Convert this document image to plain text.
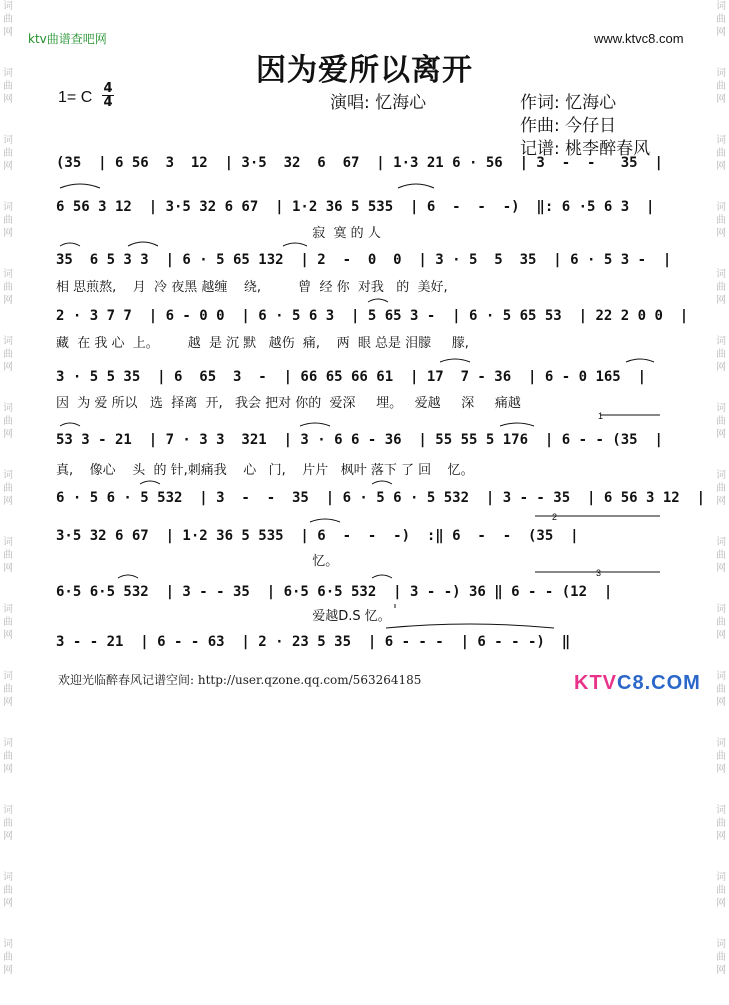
词
曲
网
词
曲
网
词
曲
网
词
曲
网
词
曲
网
词
曲
网
词
曲
网
词
曲
网
词
曲
网
词
曲
网
词
曲
网
词
曲
网
词
曲
网
词
曲
网
词
曲
网
词
曲
网
词
曲
网
词
曲
网
词
曲
网
词
曲
网
词
曲
网
词
曲
网
词
曲
网
词
曲
网
词
曲
网
词
曲
网
词
曲
网
词
曲
网
词
曲
网
词
曲
网
ktv曲谱查吧网	www.ktvc8.com
因为爱所以离开
1= C
4
4	演唱: 忆海心	作词: 忆海心
作曲: 今仔日
记谱: 桃李醉春风
(35  | 6 56  3  12  | 3·5  32  6  67  | 1·3 21 6 · 56  | 3  -  -   35  |
6 56 3 12  | 3·5 32 6 67  | 1·2 36 5 535  | 6  -  -  -)  ‖: 6 ·5 6 3  |
寂  寞 的 人
35  6 5 3 3  | 6 · 5 65 132  | 2  -  0  0  | 3 · 5  5  35  | 6 · 5 3 -  |
相 思煎熬,    月  冷 夜黑 越缠    绕,         曾  经 你  对我   的  美好,
2 · 3 7 7  | 6 - 0 0  | 6 · 5 6 3  | 5 65 3 -  | 6 · 5 65 53  | 22 2 0 0  |
藏  在 我 心  上。       越  是 沉 默   越伤  痛,    两  眼 总是 泪朦     朦,
3 · 5 5 35  | 6  65  3  -  | 66 65 66 61  | 17  7 - 36  | 6 - 0 165  |
因  为 爱 所以   选  择离  开,   我会 把对 你的  爱深     埋。   爱越     深     痛越
53 3 - 21  | 7 · 3 3  321  | 3 · 6 6 - 36  | 55 55 5 176  | 6 - - (35  |
真,    像心    头  的 针,刺痛我    心   门,    片片   枫叶 落下 了 回    忆。
6 · 5 6 · 5 532  | 3  -  -  35  | 6 · 5 6 · 5 532  | 3 - - 35  | 6 56 3 12  |
3·5 32 6 67  | 1·2 36 5 535  | 6  -  -  -)  :‖ 6  -  -  (35  |
忆。
6·5 6·5 532  | 3 - - 35  | 6·5 6·5 532  | 3 - -) 36 ‖ 6 - - (12  |
爱越D.S 忆。
3 - - 21  | 6 - - 63  | 2 · 23 5 35  | 6 - - -  | 6 - - -)  ‖
1
2
3
欢迎光临醉春风记谱空间: http://user.qzone.qq.com/563264185	KTVC8.COM
